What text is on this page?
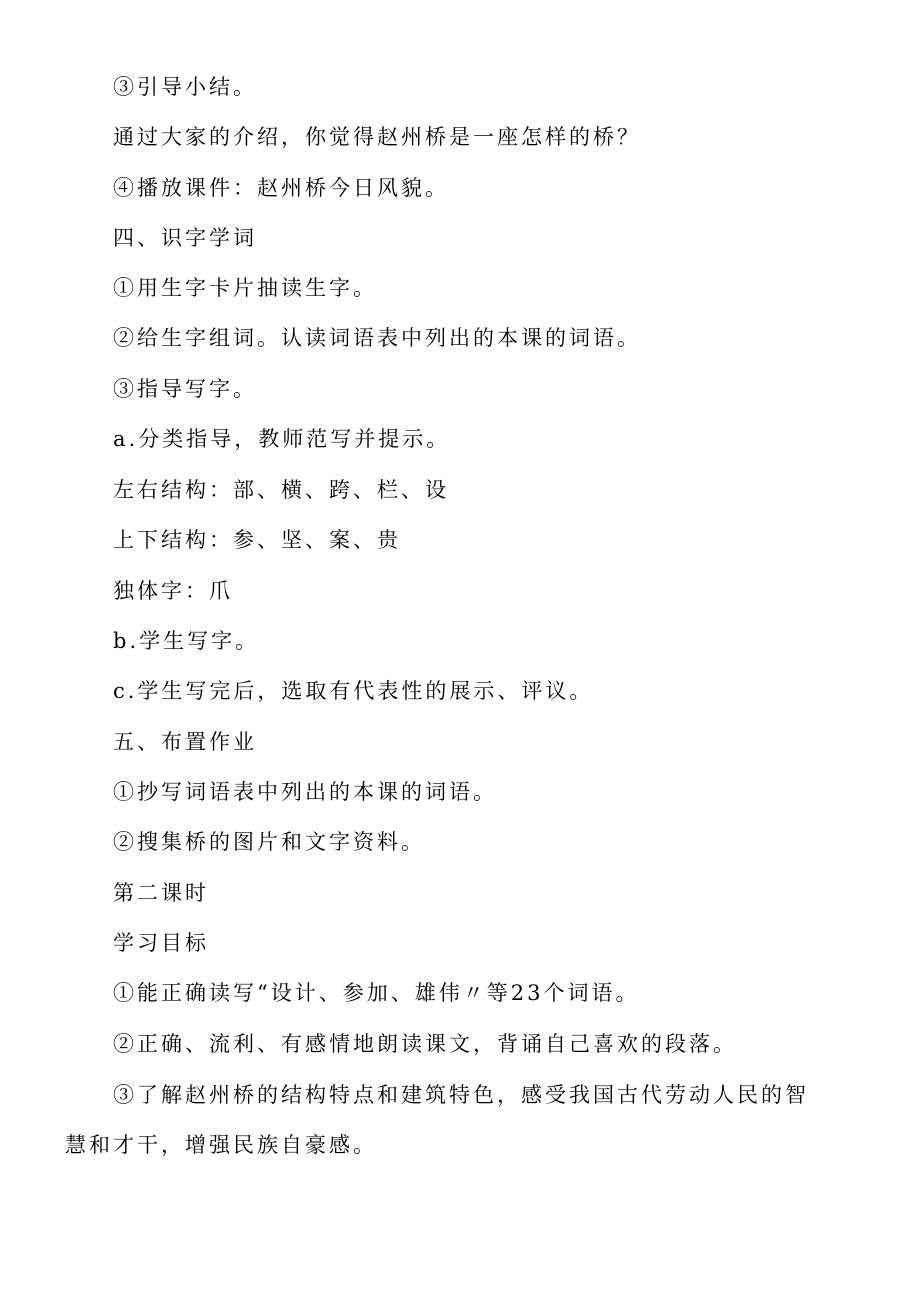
③引导小结。
通过大家的介绍，你觉得赵州桥是一座怎样的桥？
④播放课件：赵州桥今日风貌。
四、识字学词
①用生字卡片抽读生字。
②给生字组词。认读词语表中列出的本课的词语。
③指导写字。
a.分类指导，教师范写并提示。
左右结构：部、横、跨、栏、设
上下结构：参、坚、案、贵
独体字：爪
b.学生写字。
c.学生写完后，选取有代表性的展示、评议。
五、布置作业
①抄写词语表中列出的本课的词语。
②搜集桥的图片和文字资料。
第二课时
学习目标
①能正确读写“设计、参加、雄伟〃等23个词语。
②正确、流利、有感情地朗读课文，背诵自己喜欢的段落。
③了解赵州桥的结构特点和建筑特色，感受我国古代劳动人民的智
慧和才干，增强民族自豪感。
